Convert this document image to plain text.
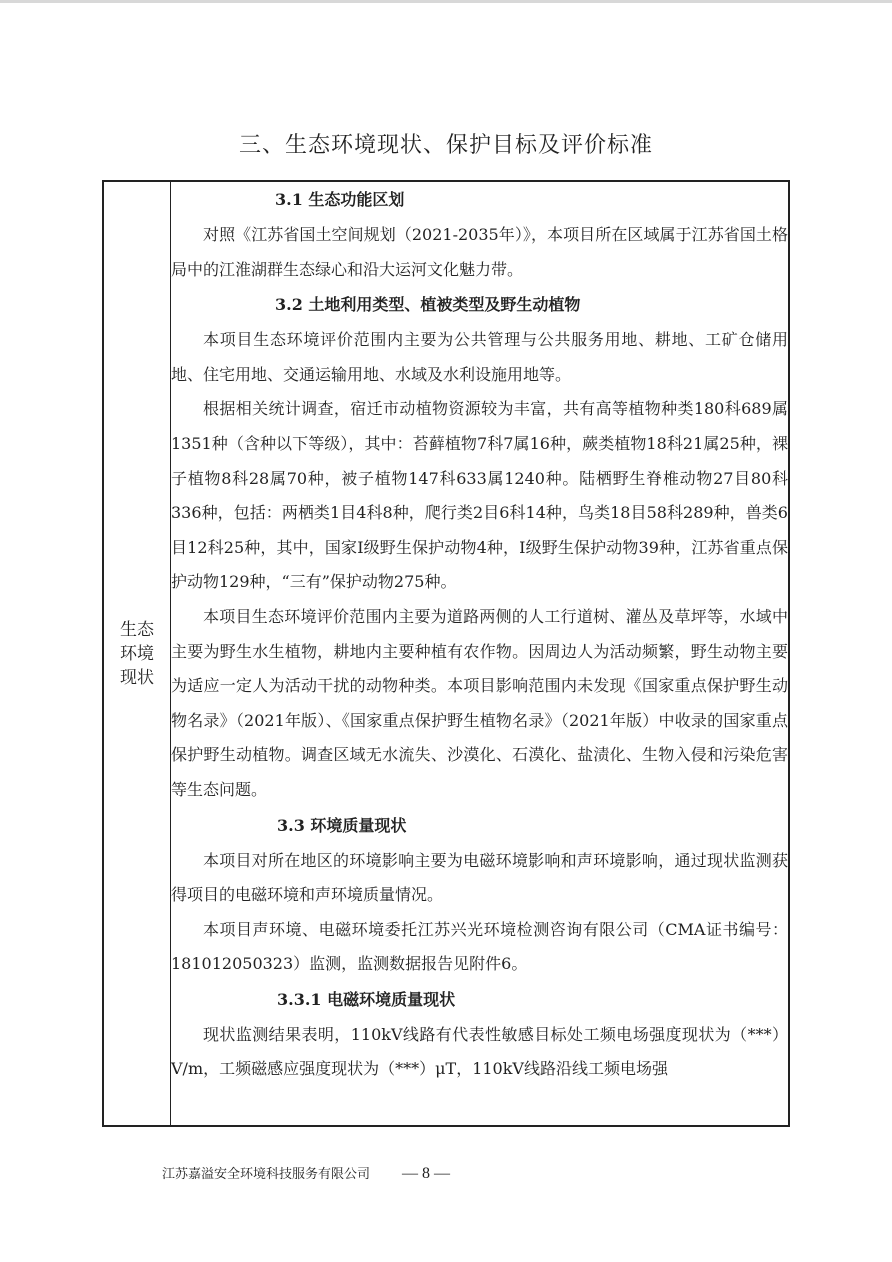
三、生态环境现状、保护目标及评价标准
生态
环境
现状

3.1 生态功能区划

对照《江苏省国土空间规划（2021-2035年）》，本项目所在区域属于江苏省国土格局中的江淮湖群生态绿心和沿大运河文化魅力带。

3.2 土地利用类型、植被类型及野生动植物

本项目生态环境评价范围内主要为公共管理与公共服务用地、耕地、工矿仓储用地、住宅用地、交通运输用地、水域及水利设施用地等。

根据相关统计调查，宿迁市动植物资源较为丰富，共有高等植物种类180科689属1351种（含种以下等级），其中：苔藓植物7科7属16种，蕨类植物18科21属25种，裸子植物8科28属70种，被子植物147科633属1240种。陆栖野生脊椎动物27目80科336种，包括：两栖类1目4科8种，爬行类2目6科14种，鸟类18目58科289种，兽类6目12科25种，其中，国家I级野生保护动物4种，I级野生保护动物39种，江苏省重点保护动物129种，“三有”保护动物275种。

本项目生态环境评价范围内主要为道路两侧的人工行道树、灌丛及草坪等，水域中主要为野生水生植物，耕地内主要种植有农作物。因周边人为活动频繁，野生动物主要为适应一定人为活动干扰的动物种类。本项目影响范围内未发现《国家重点保护野生动物名录》（2021年版）、《国家重点保护野生植物名录》（2021年版）中收录的国家重点保护野生动植物。调查区域无水流失、沙漠化、石漠化、盐渍化、生物入侵和污染危害等生态问题。

3.3 环境质量现状

本项目对所在地区的环境影响主要为电磁环境影响和声环境影响，通过现状监测获得项目的电磁环境和声环境质量情况。

本项目声环境、电磁环境委托江苏兴光环境检测咨询有限公司（CMA证书编号：181012050323）监测，监测数据报告见附件6。

3.3.1 电磁环境质量现状

现状监测结果表明，110kV线路有代表性敏感目标处工频电场强度现状为（***）V/m，工频磁感应强度现状为（***）μT，110kV线路沿线工频电场强

江苏嘉溢安全环境科技服务有限公司 — 8 —
